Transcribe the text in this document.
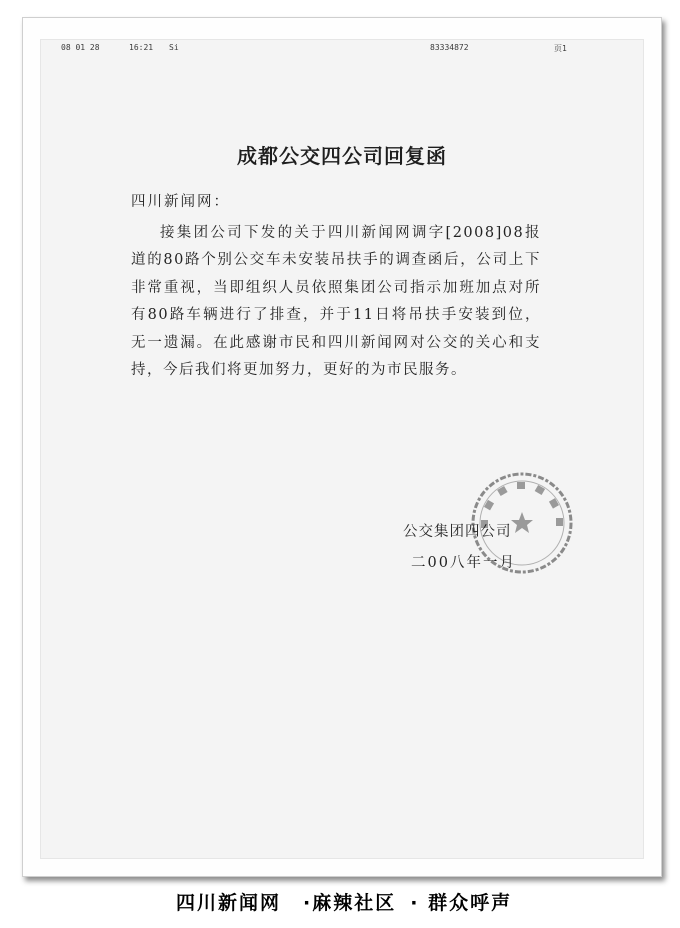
08 01 28	16:21 Si	83334872	页1
成都公交四公司回复函
四川新闻网：
接集团公司下发的关于四川新闻网调字[2008]08报道的80路个别公交车未安装吊扶手的调查函后，公司上下非常重视，当即组织人员依照集团公司指示加班加点对所有80路车辆进行了排查，并于11日将吊扶手安装到位，无一遗漏。在此感谢市民和四川新闻网对公交的关心和支持，今后我们将更加努力，更好的为市民服务。
公交集团四公司
二00八年一月
四川新闻网 ·麻辣社区 · 群众呼声
